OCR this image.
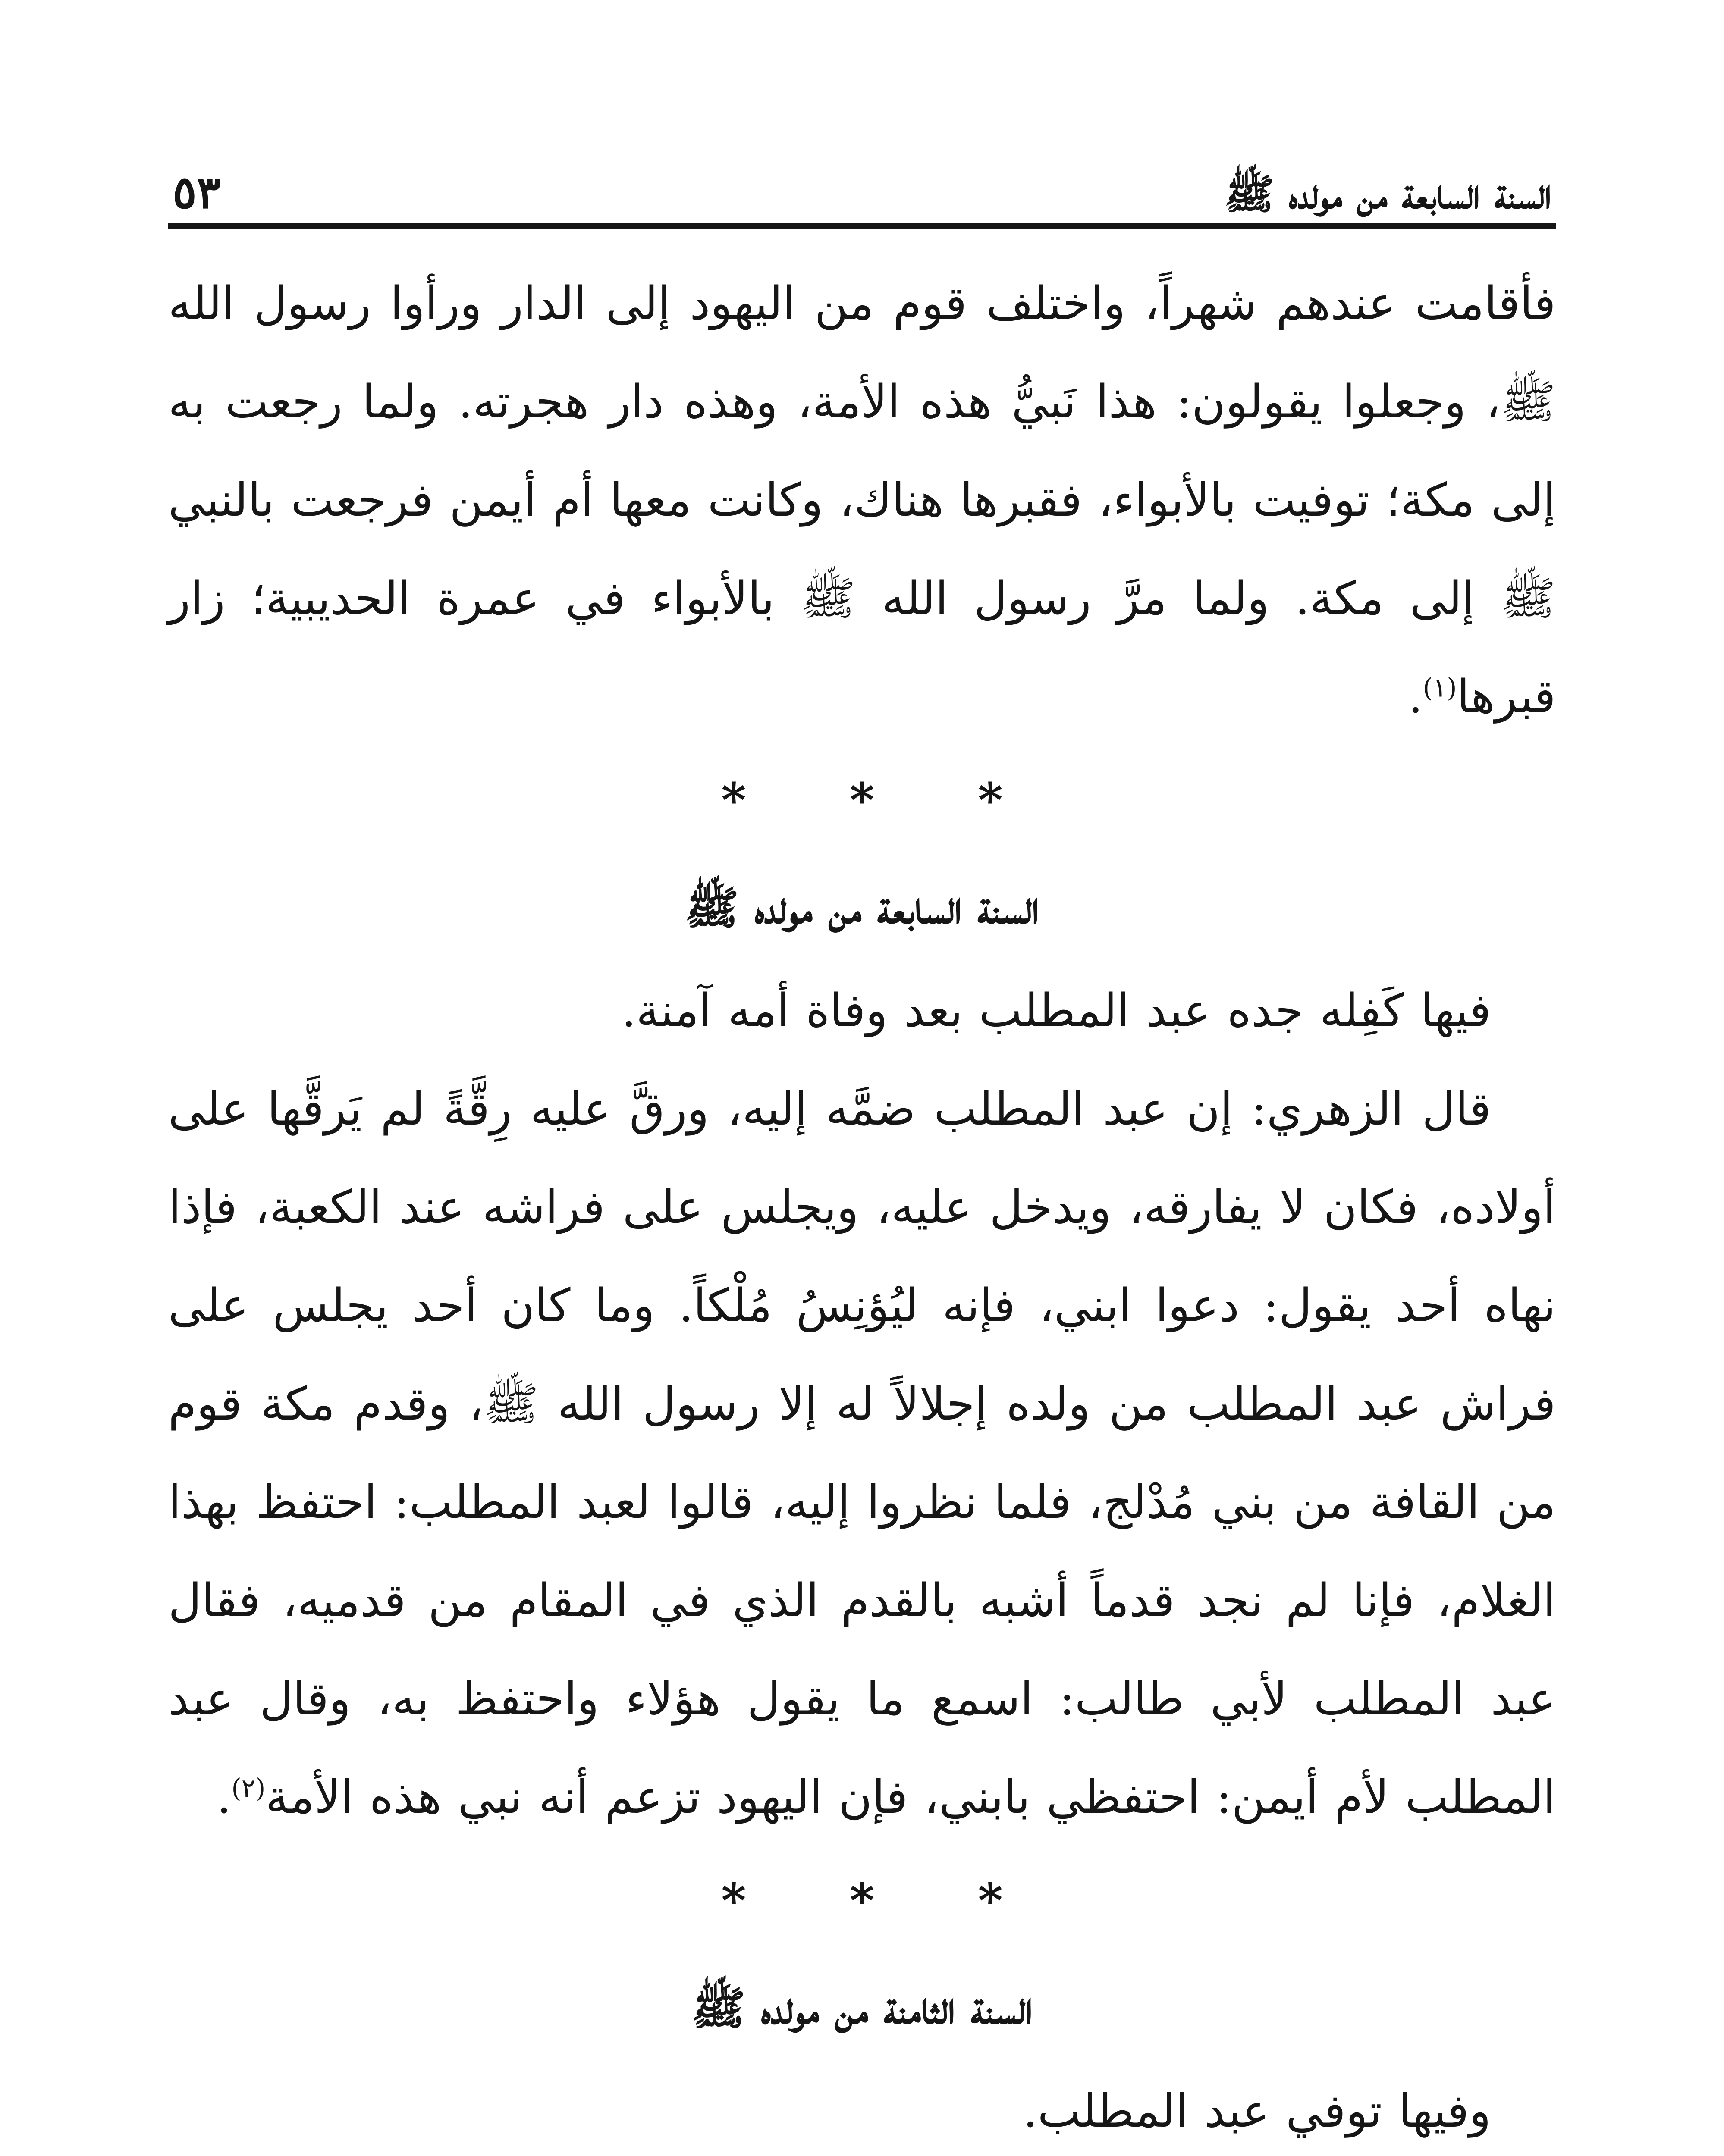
السنة السابعة من مولده ﷺ
٥٣

فأقامت عندهم شهراً، واختلف قوم من اليهود إلى الدار ورأوا رسول الله ﷺ، وجعلوا يقولون: هذا نَبيُّ هذه الأمة، وهذه دار هجرته. ولما رجعت به إلى مكة؛ توفيت بالأبواء، فقبرها هناك، وكانت معها أم أيمن فرجعت بالنبي ﷺ إلى مكة. ولما مرَّ رسول الله ﷺ بالأبواء في عمرة الحديبية؛ زار قبرها$^{(١)}$.

* * *
السنة السابعة من مولده ﷺ

فيها كَفِله جده عبد المطلب بعد وفاة أمه آمنة.

قال الزهري: إن عبد المطلب ضمَّه إليه، ورقَّ عليه رِقَّةً لم يَرقَّها على أولاده، فكان لا يفارقه، ويدخل عليه، ويجلس على فراشه عند الكعبة، فإذا نهاه أحد يقول: دعوا ابني، فإنه ليُؤنِسُ مُلْكاً. وما كان أحد يجلس على فراش عبد المطلب من ولده إجلالاً له إلا رسول الله ﷺ، وقدم مكة قوم من القافة من بني مُدْلج، فلما نظروا إليه، قالوا لعبد المطلب: احتفظ بهذا الغلام، فإنا لم نجد قدماً أشبه بالقدم الذي في المقام من قدميه، فقال عبد المطلب لأبي طالب: اسمع ما يقول هؤلاء واحتفظ به، وقال عبد المطلب لأم أيمن: احتفظي بابني، فإن اليهود تزعم أنه نبي هذه الأمة$^{(٢)}$.

* * *
السنة الثامنة من مولده ﷺ

وفيها توفي عبد المطلب.
